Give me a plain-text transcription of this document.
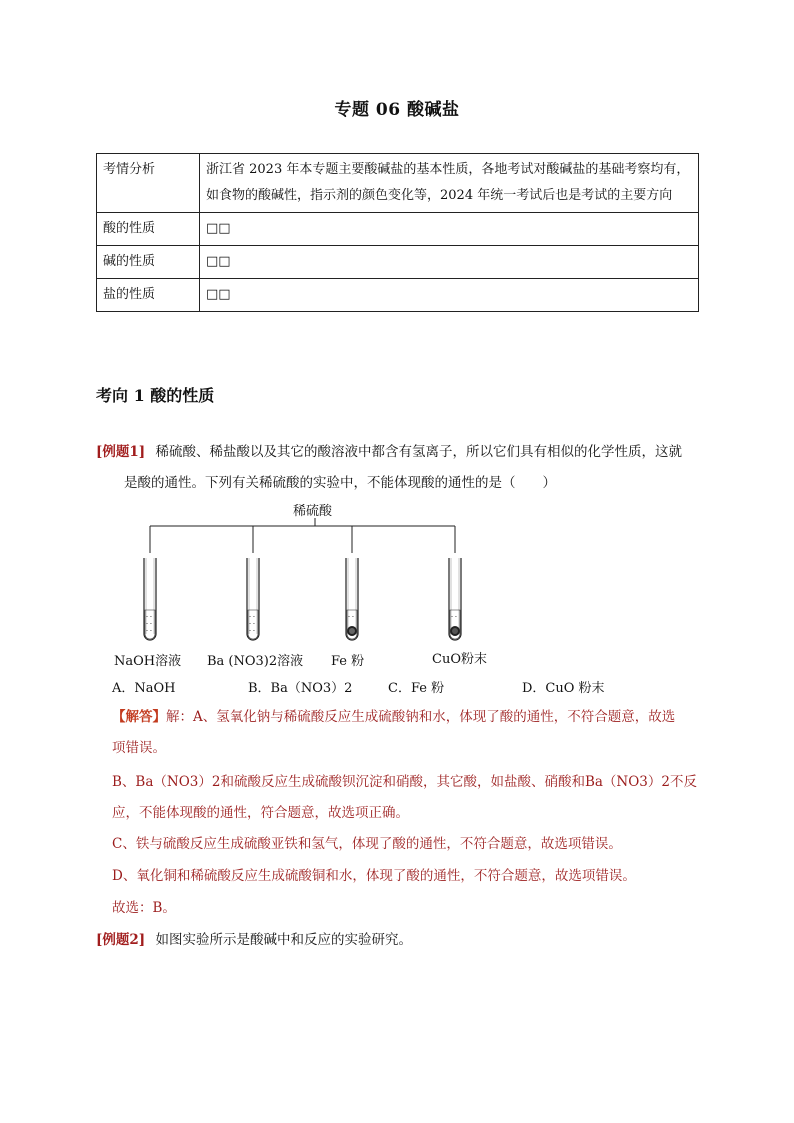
专题 06 酸碱盐
考情分析	浙江省 2023 年本专题主要酸碱盐的基本性质，各地考试对酸碱盐的基础考察均有，如食物的酸碱性，指示剂的颜色变化等，2024 年统一考试后也是考试的主要方向
酸的性质	□□
碱的性质	□□
盐的性质	□□
考向 1 酸的性质
[例题1] 稀硫酸、稀盐酸以及其它的酸溶液中都含有氢离子，所以它们具有相似的化学性质，这就
是酸的通性。下列有关稀硫酸的实验中，不能体现酸的通性的是（　　）
稀硫酸
- -
- -
- -
- -
- -
- -
- -	- -
NaOH溶液 Ba (NO3)2溶液 Fe 粉	CuO粉末
A．NaOH	B．Ba（NO3）2	C．Fe 粉	D．CuO 粉末
【解答】解：A、氢氧化钠与稀硫酸反应生成硫酸钠和水，体现了酸的通性，不符合题意，故选
项错误。
B、Ba（NO3）2和硫酸反应生成硫酸钡沉淀和硝酸，其它酸，如盐酸、硝酸和Ba（NO3）2不反
应，不能体现酸的通性，符合题意，故选项正确。
C、铁与硫酸反应生成硫酸亚铁和氢气，体现了酸的通性，不符合题意，故选项错误。
D、氧化铜和稀硫酸反应生成硫酸铜和水，体现了酸的通性，不符合题意，故选项错误。
故选：B。
[例题2] 如图实验所示是酸碱中和反应的实验研究。
